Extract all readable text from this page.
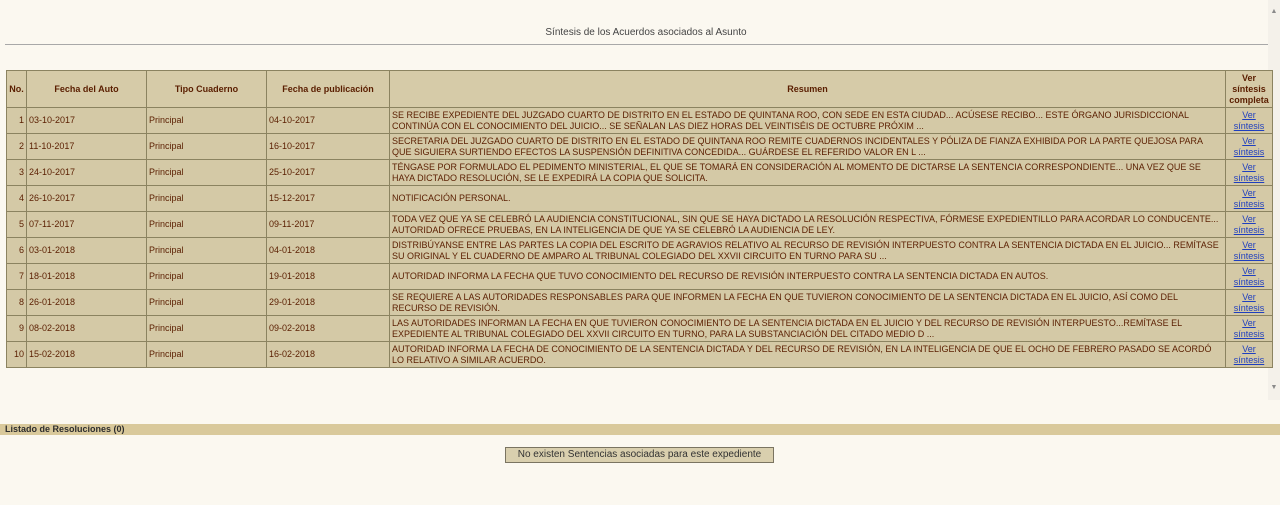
Síntesis de los Acuerdos asociados al Asunto
▲
▼
No.	Fecha del Auto	Tipo Cuaderno	Fecha de publicación	Resumen	Ver síntesis completa
1	03-10-2017	Principal	04-10-2017	SE RECIBE EXPEDIENTE DEL JUZGADO CUARTO DE DISTRITO EN EL ESTADO DE QUINTANA ROO, CON SEDE EN ESTA CIUDAD... ACÚSESE RECIBO... ESTE ÓRGANO JURISDICCIONAL CONTINÚA CON EL CONOCIMIENTO DEL JUICIO... SE SEÑALAN LAS DIEZ HORAS DEL VEINTISÉIS DE OCTUBRE PRÓXIM ...	Ver síntesis
2	11-10-2017	Principal	16-10-2017	SECRETARIA DEL JUZGADO CUARTO DE DISTRITO EN EL ESTADO DE QUINTANA ROO REMITE CUADERNOS INCIDENTALES Y PÓLIZA DE FIANZA EXHIBIDA POR LA PARTE QUEJOSA PARA QUE SIGUIERA SURTIENDO EFECTOS LA SUSPENSIÓN DEFINITIVA CONCEDIDA... GUÁRDESE EL REFERIDO VALOR EN L ...	Ver síntesis
3	24-10-2017	Principal	25-10-2017	TÉNGASE POR FORMULADO EL PEDIMENTO MINISTERIAL, EL QUE SE TOMARÁ EN CONSIDERACIÓN AL MOMENTO DE DICTARSE LA SENTENCIA CORRESPONDIENTE... UNA VEZ QUE SE HAYA DICTADO RESOLUCIÓN, SE LE EXPEDIRÁ LA COPIA QUE SOLICITA.	Ver síntesis
4	26-10-2017	Principal	15-12-2017	NOTIFICACIÓN PERSONAL.	Ver síntesis
5	07-11-2017	Principal	09-11-2017	TODA VEZ QUE YA SE CELEBRÓ LA AUDIENCIA CONSTITUCIONAL, SIN QUE SE HAYA DICTADO LA RESOLUCIÓN RESPECTIVA, FÓRMESE EXPEDIENTILLO PARA ACORDAR LO CONDUCENTE... AUTORIDAD OFRECE PRUEBAS, EN LA INTELIGENCIA DE QUE YA SE CELEBRÓ LA AUDIENCIA DE LEY.	Ver síntesis
6	03-01-2018	Principal	04-01-2018	DISTRIBÚYANSE ENTRE LAS PARTES LA COPIA DEL ESCRITO DE AGRAVIOS RELATIVO AL RECURSO DE REVISIÓN INTERPUESTO CONTRA LA SENTENCIA DICTADA EN EL JUICIO... REMÍTASE SU ORIGINAL Y EL CUADERNO DE AMPARO AL TRIBUNAL COLEGIADO DEL XXVII CIRCUITO EN TURNO PARA SU ...	Ver síntesis
7	18-01-2018	Principal	19-01-2018	AUTORIDAD INFORMA LA FECHA QUE TUVO CONOCIMIENTO DEL RECURSO DE REVISIÓN INTERPUESTO CONTRA LA SENTENCIA DICTADA EN AUTOS.	Ver síntesis
8	26-01-2018	Principal	29-01-2018	SE REQUIERE A LAS AUTORIDADES RESPONSABLES PARA QUE INFORMEN LA FECHA EN QUE TUVIERON CONOCIMIENTO DE LA SENTENCIA DICTADA EN EL JUICIO, ASÍ COMO DEL RECURSO DE REVISIÓN.	Ver síntesis
9	08-02-2018	Principal	09-02-2018	LAS AUTORIDADES INFORMAN LA FECHA EN QUE TUVIERON CONOCIMIENTO DE LA SENTENCIA DICTADA EN EL JUICIO Y DEL RECURSO DE REVISIÓN INTERPUESTO...REMÍTASE EL EXPEDIENTE AL TRIBUNAL COLEGIADO DEL XXVII CIRCUITO EN TURNO, PARA LA SUBSTANCIACIÓN DEL CITADO MEDIO D ...	Ver síntesis
10	15-02-2018	Principal	16-02-2018	AUTORIDAD INFORMA LA FECHA DE CONOCIMIENTO DE LA SENTENCIA DICTADA Y DEL RECURSO DE REVISIÓN, EN LA INTELIGENCIA DE QUE EL OCHO DE FEBRERO PASADO SE ACORDÓ LO RELATIVO A SIMILAR ACUERDO.	Ver síntesis
Listado de Resoluciones (0)
No existen Sentencias asociadas para este expediente
